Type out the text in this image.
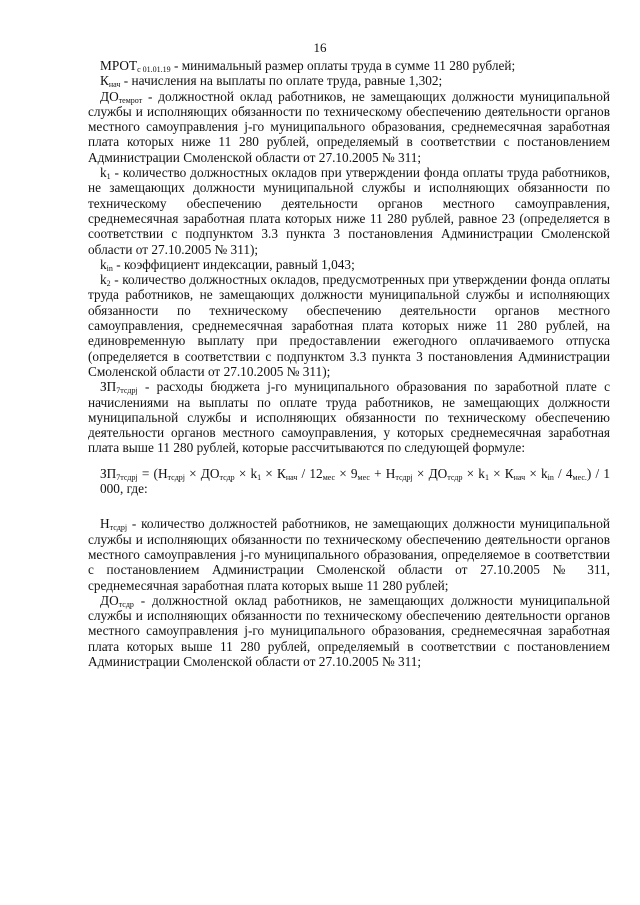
16

$МРОТ_{с 01.01.19}$ - минимальный размер оплаты труда в сумме 11 280 рублей;

$К_{нач}$ - начисления на выплаты по оплате труда, равные 1,302;

$ДО_{темрот}$ - должностной оклад работников, не замещающих должности муниципальной службы и исполняющих обязанности по техническому обеспечению деятельности органов местного самоуправления j-го муниципального образования, среднемесячная заработная плата которых ниже 11 280 рублей, определяемый в соответствии с постановлением Администрации Смоленской области от 27.10.2005 № 311;

$k_1$ - количество должностных окладов при утверждении фонда оплаты труда работников, не замещающих должности муниципальной службы и исполняющих обязанности по техническому обеспечению деятельности органов местного самоуправления, среднемесячная заработная плата которых ниже 11 280 рублей, равное 23 (определяется в соответствии с подпунктом 3.3 пункта 3 постановления Администрации Смоленской области от 27.10.2005 № 311);

$k_{in}$ - коэффициент индексации, равный 1,043;

$k_2$ - количество должностных окладов, предусмотренных при утверждении фонда оплаты труда работников, не замещающих должности муниципальной службы и исполняющих обязанности по техническому обеспечению деятельности органов местного самоуправления, среднемесячная заработная плата которых ниже 11 280 рублей, на единовременную выплату при предоставлении ежегодного оплачиваемого отпуска (определяется в соответствии с подпунктом 3.3 пункта 3 постановления Администрации Смоленской области от 27.10.2005 № 311);

$ЗП_{7тсдрj}$ - расходы бюджета j-го муниципального образования по заработной плате с начислениями на выплаты по оплате труда работников, не замещающих должности муниципальной службы и исполняющих обязанности по техническому обеспечению деятельности органов местного самоуправления, у которых среднемесячная заработная плата выше 11 280 рублей, которые рассчитываются по следующей формуле:

$ЗП_{7тсдрj} = (Н_{тсдрj} \times ДО_{тсдр} \times k_1 \times К_{нач} / 12_{мес} \times 9_{мес} + Н_{тсдрj} \times ДО_{тсдр} \times k_1 \times К_{нач} \times k_{in} / 4_{мес.}) / 1$ 000, где:

$Н_{тсдрj}$ - количество должностей работников, не замещающих должности муниципальной службы и исполняющих обязанности по техническому обеспечению деятельности органов местного самоуправления j-го муниципального образования, определяемое в соответствии с постановлением Администрации Смоленской области от 27.10.2005 № 311, среднемесячная заработная плата которых выше 11 280 рублей;

$ДО_{тсдр}$ - должностной оклад работников, не замещающих должности муниципальной службы и исполняющих обязанности по техническому обеспечению деятельности органов местного самоуправления j-го муниципального образования, среднемесячная заработная плата которых выше 11 280 рублей, определяемый в соответствии с постановлением Администрации Смоленской области от 27.10.2005 № 311;
